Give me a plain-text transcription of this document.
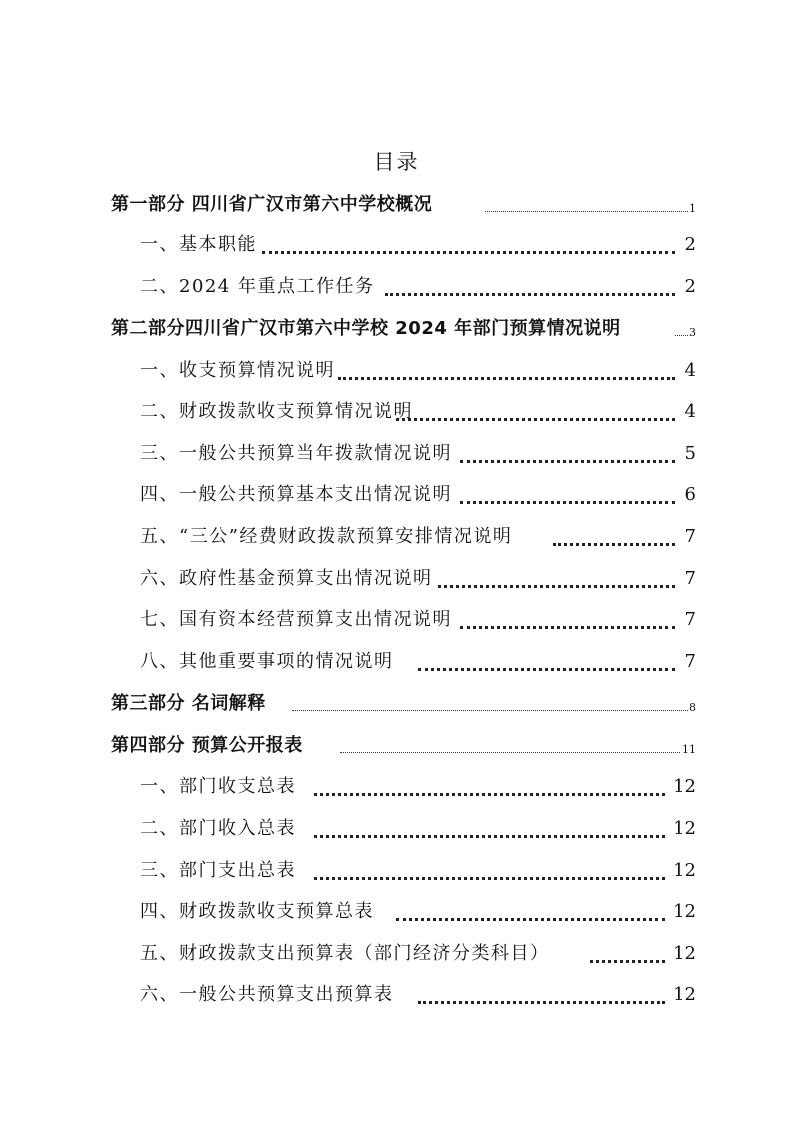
目录
第一部分 四川省广汉市第六中学校概况	1
一、基本职能	2
二、2024 年重点工作任务	2
第二部分四川省广汉市第六中学校 2024 年部门预算情况说明	3
一、收支预算情况说明	4
二、财政拨款收支预算情况说明	4
三、一般公共预算当年拨款情况说明	5
四、一般公共预算基本支出情况说明	6
五、“三公”经费财政拨款预算安排情况说明	7
六、政府性基金预算支出情况说明	7
七、国有资本经营预算支出情况说明	7
八、其他重要事项的情况说明	7
第三部分 名词解释	8
第四部分 预算公开报表	11
一、部门收支总表	12
二、部门收入总表	12
三、部门支出总表	12
四、财政拨款收支预算总表	12
五、财政拨款支出预算表（部门经济分类科目）	12
六、一般公共预算支出预算表	12
